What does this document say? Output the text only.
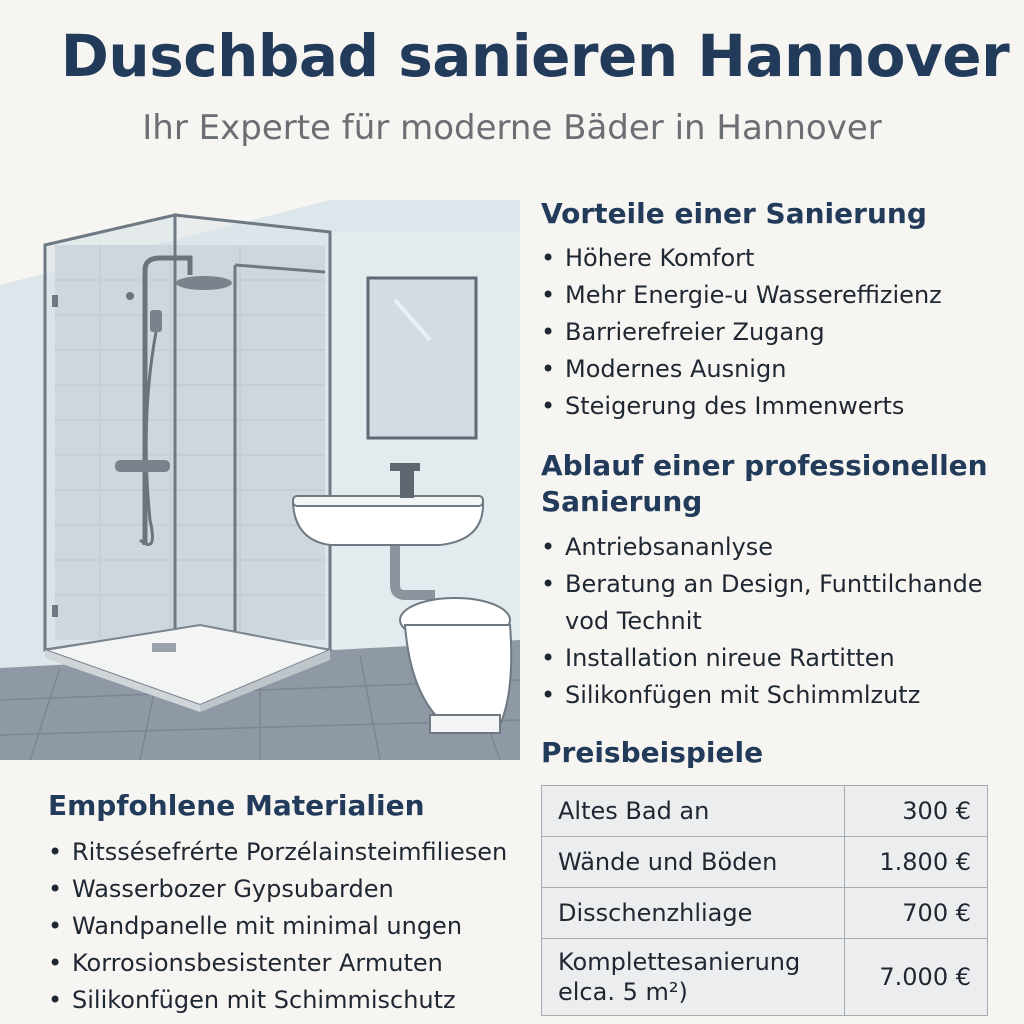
Duschbad sanieren Hannover
Ihr Experte für moderne Bäder in Hannover
Vorteile einer Sanierung
• Höhere Komfort
• Mehr Energie-u Wassereffizienz
• Barrierefreier Zugang
• Modernes Ausnign
• Steigerung des Immenwerts
Ablauf einer professionellen
Sanierung
• Antriebsananlyse
• Beratung an Design, Funttilchande
vod Technit
• Installation nireue Rartitten
• Silikonfügen mit Schimmlzutz
Preisbeispiele
Altes Bad an	300 €
Wände und Böden	1.800 €
Disschenzhliage	700 €
Komplettesanierung
elca. 5 m²)	7.000 €
Empfohlene Materialien
• Ritssésefrérte Porzélainsteimfiliesen
• Wasserbozer Gypsubarden
• Wandpanelle mit minimal ungen
• Korrosionsbesistenter Armuten
• Silikonfügen mit Schimmischutz
